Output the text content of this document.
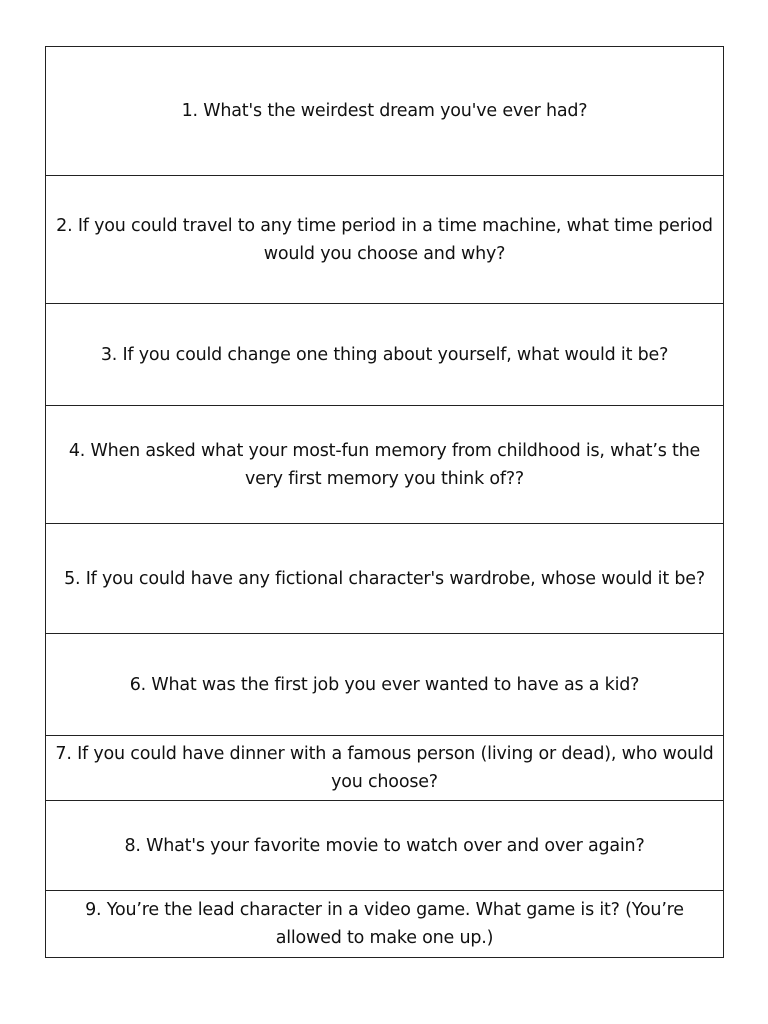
1. What's the weirdest dream you've ever had?
2. If you could travel to any time period in a time machine, what time period would you choose and why?
3. If you could change one thing about yourself, what would it be?
4. When asked what your most-fun memory from childhood is, what’s the very first memory you think of??
5. If you could have any fictional character's wardrobe, whose would it be?
6. What was the first job you ever wanted to have as a kid?
7. If you could have dinner with a famous person (living or dead), who would you choose?
8. What's your favorite movie to watch over and over again?
9. You’re the lead character in a video game. What game is it? (You’re allowed to make one up.)
